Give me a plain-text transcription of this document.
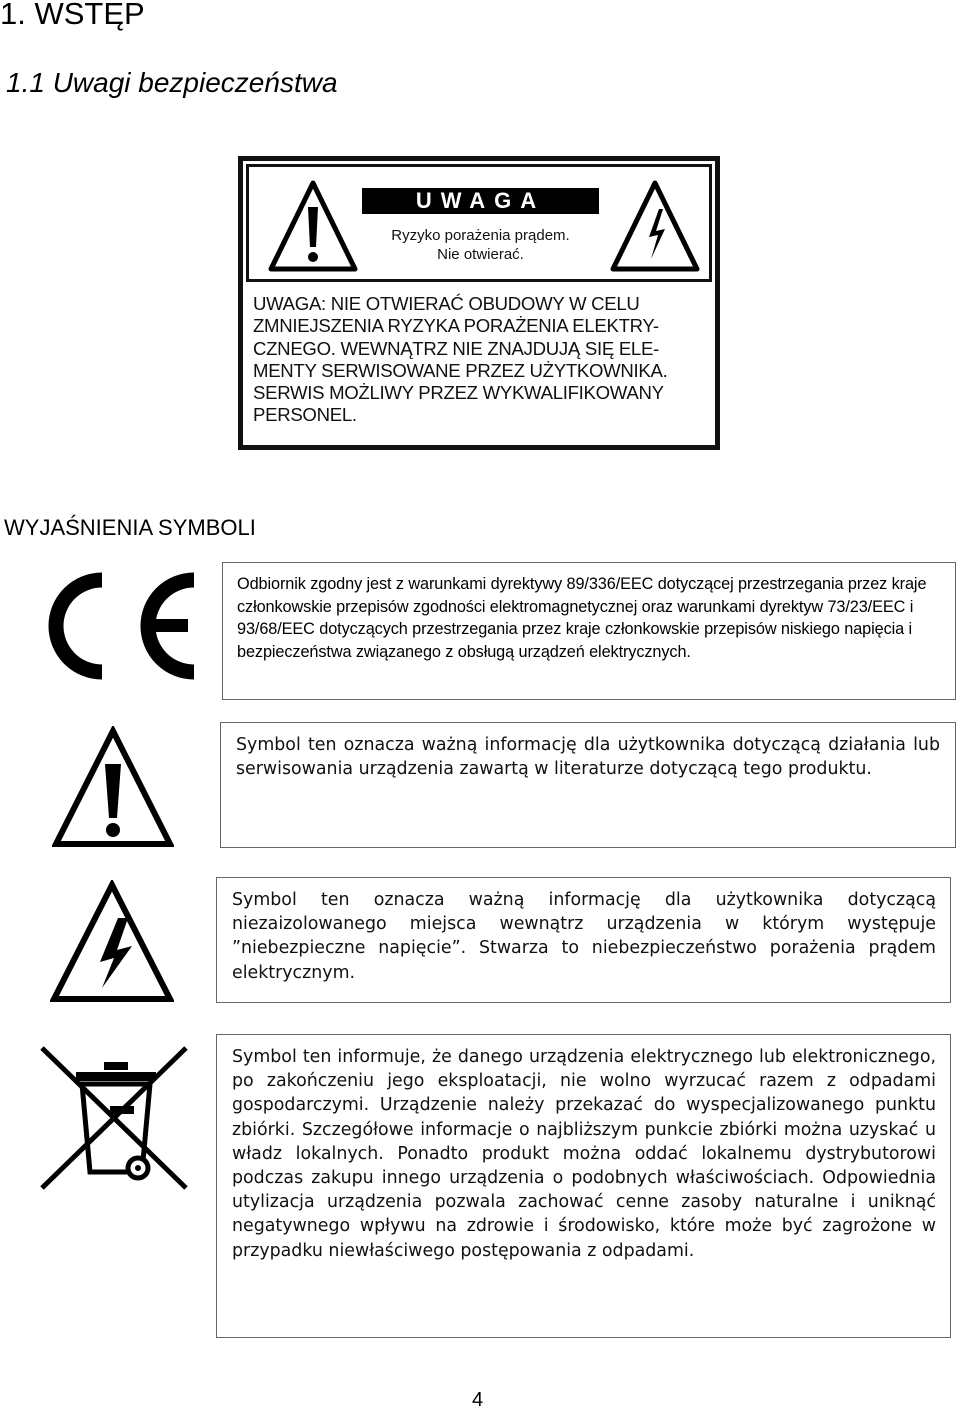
1. WSTĘP
1.1 Uwagi bezpieczeństwa
UWAGA
Ryzyko porażenia prądem.
Nie otwierać.
UWAGA: NIE OTWIERAĆ OBUDOWY W CELU ZMNIEJSZENIA RYZYKA PORAŻENIA ELEKTRY-CZNEGO. WEWNĄTRZ NIE ZNAJDUJĄ SIĘ ELE-MENTY SERWISOWANE PRZEZ UŻYTKOWNIKA. SERWIS MOŻLIWY PRZEZ WYKWALIFIKOWANY PERSONEL.
WYJAŚNIENIA SYMBOLI

Odbiornik zgodny jest z warunkami dyrektywy 89/336/EEC dotyczącej przestrzegania przez kraje członkowskie przepisów zgodności elektromagnetycznej oraz warunkami dyrektyw 73/23/EEC i 93/68/EEC dotyczących przestrzegania przez kraje członkowskie przepisów niskiego napięcia i bezpieczeństwa związanego z obsługą urządzeń elektrycznych.

Symbol ten oznacza ważną informację dla użytkownika dotyczącą działania lub serwisowania urządzenia zawartą w literaturze dotyczącą tego produktu.

Symbol ten oznacza ważną informację dla użytkownika dotyczącą niezaizolowanego miejsca wewnątrz urządzenia w którym występuje ”niebezpieczne napięcie”. Stwarza to niebezpieczeństwo porażenia prądem elektrycznym.

Symbol ten informuje, że danego urządzenia elektrycznego lub elektronicznego, po zakończeniu jego eksploatacji, nie wolno wyrzucać razem z odpadami gospodarczymi. Urządzenie należy przekazać do wyspecjalizowanego punktu zbiórki. Szczegółowe informacje o najbliższym punkcie zbiórki można uzyskać u władz lokalnych. Ponadto produkt można oddać lokalnemu dystrybutorowi podczas zakupu innego urządzenia o podobnych właściwościach. Odpowiednia utylizacja urządzenia pozwala zachować cenne zasoby naturalne i uniknąć negatywnego wpływu na zdrowie i środowisko, które może być zagrożone w przypadku niewłaściwego postępowania z odpadami.

4
